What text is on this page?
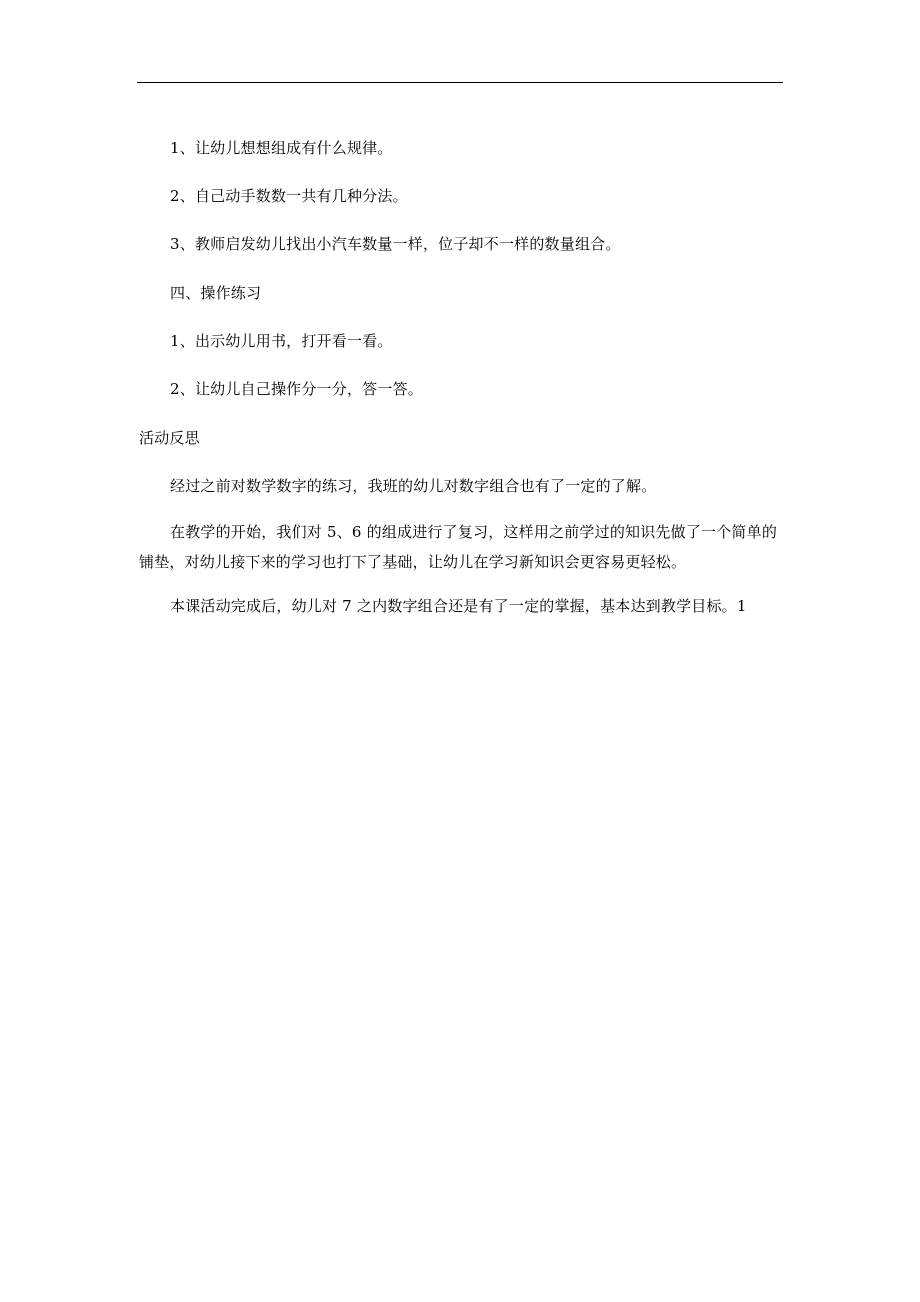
1、让幼儿想想组成有什么规律。
2、自己动手数数一共有几种分法。
3、教师启发幼儿找出小汽车数量一样，位子却不一样的数量组合。
四、操作练习
1、出示幼儿用书，打开看一看。
2、让幼儿自己操作分一分，答一答。
活动反思
经过之前对数学数字的练习，我班的幼儿对数字组合也有了一定的了解。
在教学的开始，我们对 5、6 的组成进行了复习，这样用之前学过的知识先做了一个简单的铺垫，对幼儿接下来的学习也打下了基础，让幼儿在学习新知识会更容易更轻松。
本课活动完成后，幼儿对 7 之内数字组合还是有了一定的掌握，基本达到教学目标。1
